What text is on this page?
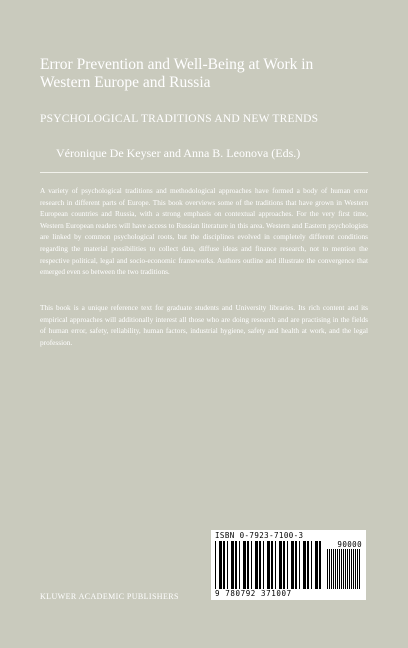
Error Prevention and Well-Being at Work in
Western Europe and Russia
PSYCHOLOGICAL TRADITIONS AND NEW TRENDS
Véronique De Keyser and Anna B. Leonova (Eds.)

A variety of psychological traditions and methodological approaches have formed a body of human error research in different parts of Europe. This book overviews some of the traditions that have grown in Western European countries and Russia, with a strong emphasis on contextual approaches. For the very first time, Western European readers will have access to Russian literature in this area. Western and Eastern psychologists are linked by common psychological roots, but the disciplines evolved in completely different conditions regarding the material possibilities to collect data, diffuse ideas and finance research, not to mention the respective political, legal and socio-economic frameworks. Authors outline and illustrate the convergence that emerged even so between the two traditions.

This book is a unique reference text for graduate students and University libraries. Its rich content and its empirical approaches will additionally interest all those who are doing research and are practising in the fields of human error, safety, reliability, human factors, industrial hygiene, safety and health at work, and the legal profession.

ISBN 0-7923-7100-3
90000
9 780792 371007
KLUWER ACADEMIC PUBLISHERS
